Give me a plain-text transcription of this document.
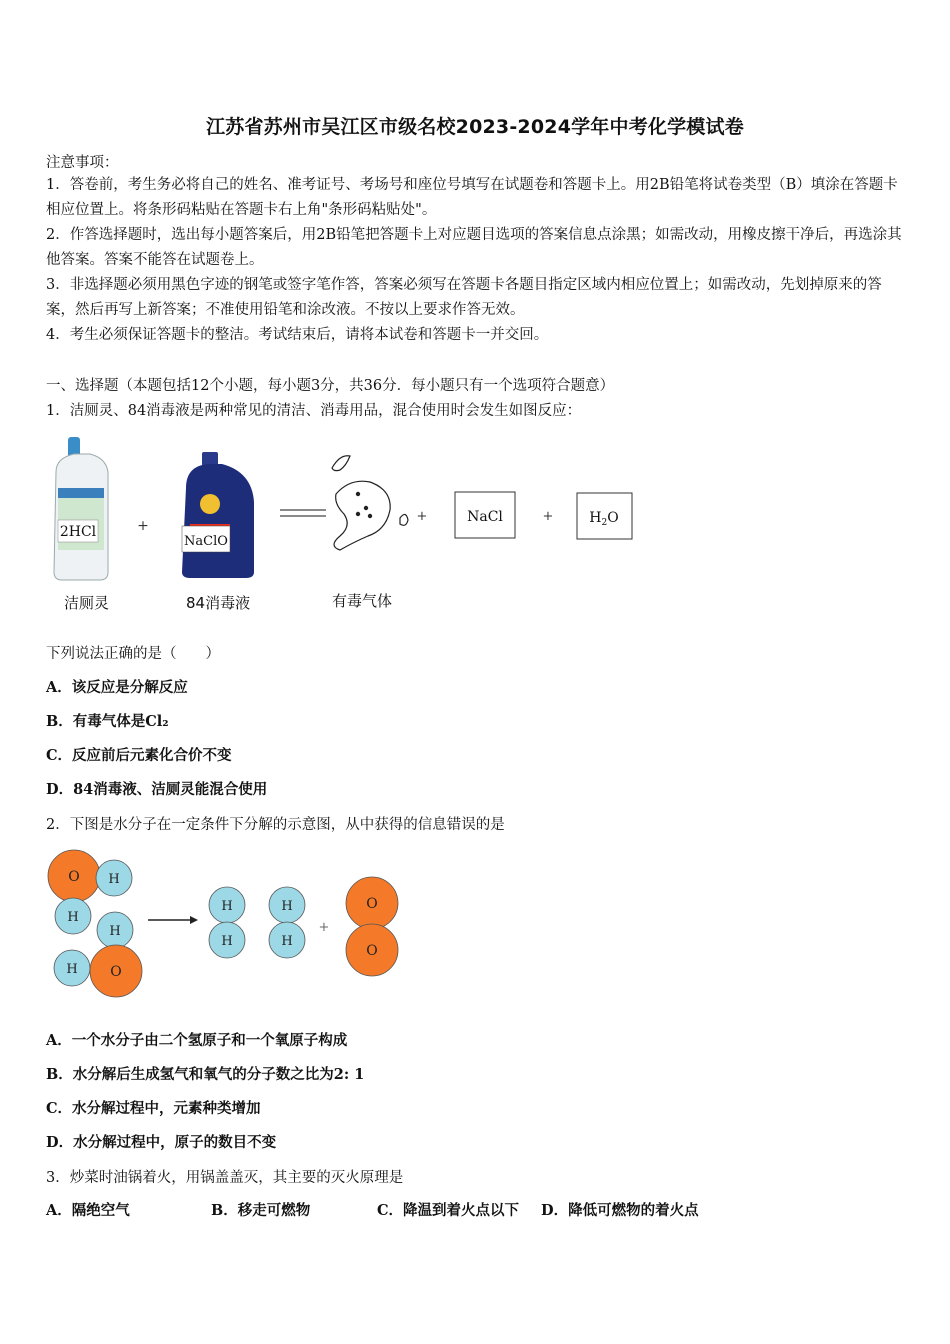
江苏省苏州市吴江区市级名校2023-2024学年中考化学模试卷
注意事项：
1．答卷前，考生务必将自己的姓名、准考证号、考场号和座位号填写在试题卷和答题卡上。用2B铅笔将试卷类型（B）填涂在答题卡相应位置上。将条形码粘贴在答题卡右上角"条形码粘贴处"。
2．作答选择题时，选出每小题答案后，用2B铅笔把答题卡上对应题目选项的答案信息点涂黑；如需改动，用橡皮擦干净后，再选涂其他答案。答案不能答在试题卷上。
3．非选择题必须用黑色字迹的钢笔或签字笔作答，答案必须写在答题卡各题目指定区域内相应位置上；如需改动，先划掉原来的答案，然后再写上新答案；不准使用铅笔和涂改液。不按以上要求作答无效。
4．考生必须保证答题卡的整洁。考试结束后，请将本试卷和答题卡一并交回。
一、选择题（本题包括12个小题，每小题3分，共36分．每小题只有一个选项符合题意）
1．洁厕灵、84消毒液是两种常见的清洁、消毒用品，混合使用时会发生如图反应：
2HCl	+
NaClO
+	NaCl	+	$H_2O$
洁厕灵	84消毒液	有毒气体
下列说法正确的是（　　）
A．该反应是分解反应
B．有毒气体是Cl₂
C．反应前后元素化合价不变
D．84消毒液、洁厕灵能混合使用
2．下图是水分子在一定条件下分解的示意图，从中获得的信息错误的是
O H
H
H
H O
H
H
H
H
+
O
O
A．一个水分子由二个氢原子和一个氧原子构成
B．水分解后生成氢气和氧气的分子数之比为2: 1
C．水分解过程中，元素种类增加
D．水分解过程中，原子的数目不变
3．炒菜时油锅着火，用锅盖盖灭，其主要的灭火原理是
A．隔绝空气	B．移走可燃物	C．降温到着火点以下 D．降低可燃物的着火点
